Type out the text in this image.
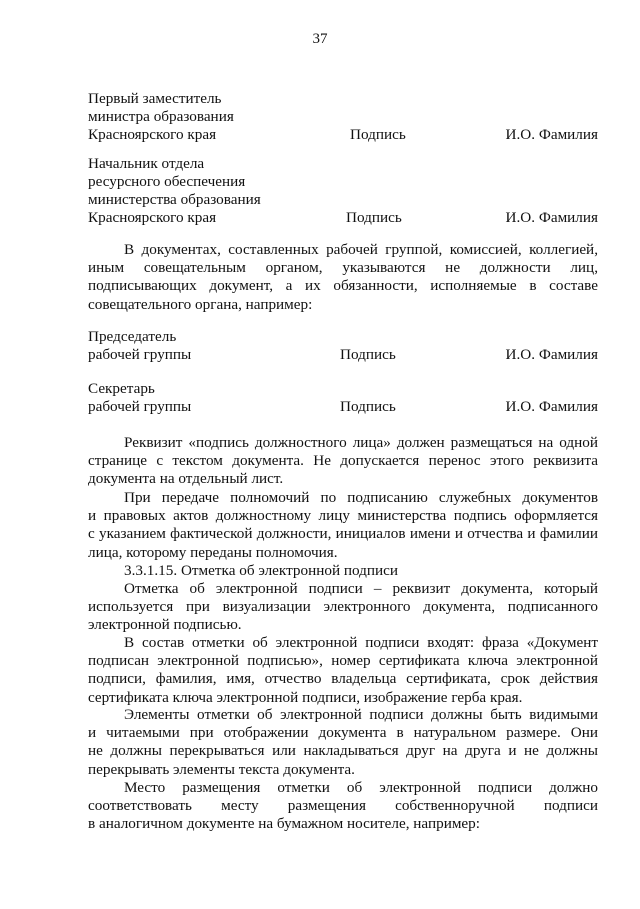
37
Первый заместитель
министра образования
Красноярского края	Подпись	И.О. Фамилия
Начальник отдела
ресурсного обеспечения
министерства образования
Красноярского края	Подпись	И.О. Фамилия
В документах, составленных рабочей группой, комиссией, коллегией,
иным совещательным органом, указываются не должности лиц,
подписывающих документ, а их обязанности, исполняемые в составе
совещательного органа, например:
Председатель
рабочей группы	Подпись	И.О. Фамилия
Секретарь
рабочей группы	Подпись	И.О. Фамилия
Реквизит «подпись должностного лица» должен размещаться на одной
странице с текстом документа. Не допускается перенос этого реквизита
документа на отдельный лист.
При передаче полномочий по подписанию служебных документов
и правовых актов должностному лицу министерства подпись оформляется
с указанием фактической должности, инициалов имени и отчества и фамилии
лица, которому переданы полномочия.
3.3.1.15. Отметка об электронной подписи
Отметка об электронной подписи – реквизит документа, который
используется при визуализации электронного документа, подписанного
электронной подписью.
В состав отметки об электронной подписи входят: фраза «Документ
подписан электронной подписью», номер сертификата ключа электронной
подписи, фамилия, имя, отчество владельца сертификата, срок действия
сертификата ключа электронной подписи, изображение герба края.
Элементы отметки об электронной подписи должны быть видимыми
и читаемыми при отображении документа в натуральном размере. Они
не должны перекрываться или накладываться друг на друга и не должны
перекрывать элементы текста документа.
Место размещения отметки об электронной подписи должно
соответствовать месту размещения собственноручной подписи
в аналогичном документе на бумажном носителе, например:
